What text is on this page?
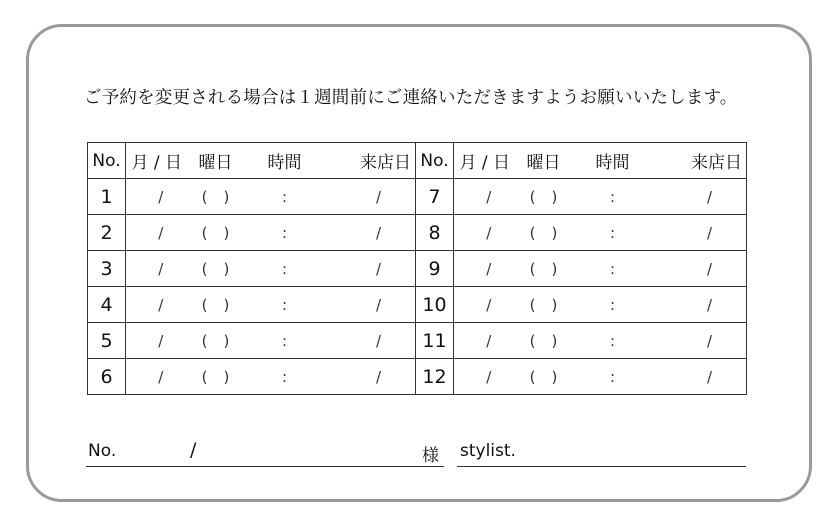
ご予約を変更される場合は１週間前にご連絡いただきますようお願いいたします。
No.	月 / 日	曜日	時間	来店日	No.	月 / 日	曜日	時間	来店日
1	/	( )	:	/	7	/	( )	:	/
2	/	( )	:	/	8	/	( )	:	/
3	/	( )	:	/	9	/	( )	:	/
4	/	( )	:	/	10	/	( )	:	/
5	/	( )	:	/	11	/	( )	:	/
6	/	( )	:	/	12	/	( )	:	/
No.	/	様 stylist.
